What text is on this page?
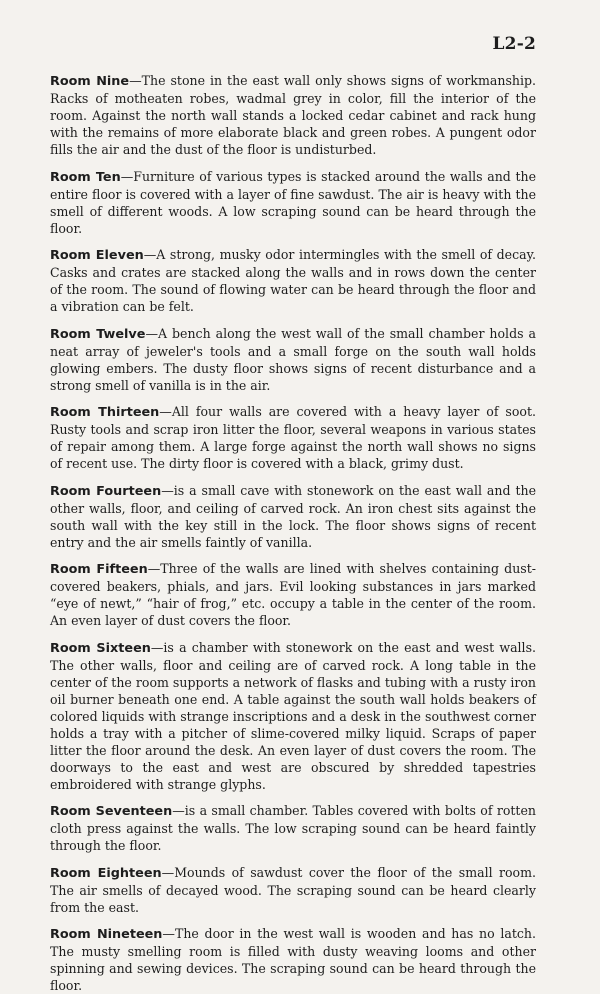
L2-2

Room Nine—The stone in the east wall only shows signs of workmanship. Racks of motheaten robes, wadmal grey in color, fill the interior of the room. Against the north wall stands a locked cedar cabinet and rack hung with the remains of more elaborate black and green robes. A pungent odor fills the air and the dust of the floor is undisturbed.

Room Ten—Furniture of various types is stacked around the walls and the entire floor is covered with a layer of fine sawdust. The air is heavy with the smell of different woods. A low scraping sound can be heard through the floor.

Room Eleven—A strong, musky odor intermingles with the smell of decay. Casks and crates are stacked along the walls and in rows down the center of the room. The sound of flowing water can be heard through the floor and a vibration can be felt.

Room Twelve—A bench along the west wall of the small chamber holds a neat array of jeweler's tools and a small forge on the south wall holds glowing embers. The dusty floor shows signs of recent disturbance and a strong smell of vanilla is in the air.

Room Thirteen—All four walls are covered with a heavy layer of soot. Rusty tools and scrap iron litter the floor, several weapons in various states of repair among them. A large forge against the north wall shows no signs of recent use. The dirty floor is covered with a black, grimy dust.

Room Fourteen—is a small cave with stonework on the east wall and the other walls, floor, and ceiling of carved rock. An iron chest sits against the south wall with the key still in the lock. The floor shows signs of recent entry and the air smells faintly of vanilla.

Room Fifteen—Three of the walls are lined with shelves containing dust-covered beakers, phials, and jars. Evil looking substances in jars marked “eye of newt,” “hair of frog,” etc. occupy a table in the center of the room. An even layer of dust covers the floor.

Room Sixteen—is a chamber with stonework on the east and west walls. The other walls, floor and ceiling are of carved rock. A long table in the center of the room supports a network of flasks and tubing with a rusty iron oil burner beneath one end. A table against the south wall holds beakers of colored liquids with strange inscriptions and a desk in the southwest corner holds a tray with a pitcher of slime-covered milky liquid. Scraps of paper litter the floor around the desk. An even layer of dust covers the room. The doorways to the east and west are obscured by shredded tapestries embroidered with strange glyphs.

Room Seventeen—is a small chamber. Tables covered with bolts of rotten cloth press against the walls. The low scraping sound can be heard faintly through the floor.

Room Eighteen—Mounds of sawdust cover the floor of the small room. The air smells of decayed wood. The scraping sound can be heard clearly from the east.

Room Nineteen—The door in the west wall is wooden and has no latch. The musty smelling room is filled with dusty weaving looms and other spinning and sewing devices. The scraping sound can be heard through the floor.
